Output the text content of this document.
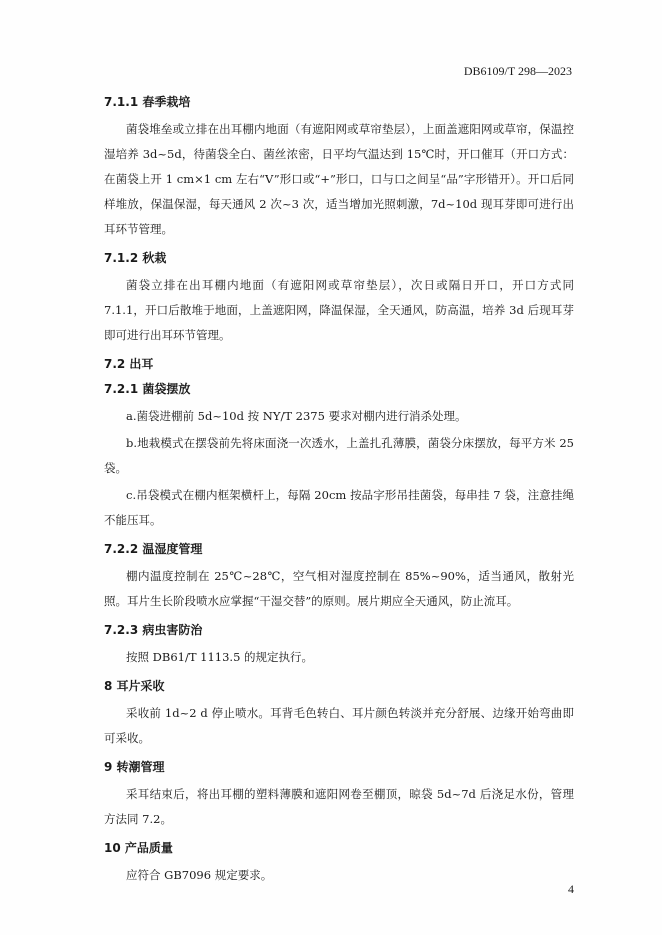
DB6109/T 298—2023
7.1.1 春季栽培

菌袋堆垒或立排在出耳棚内地面（有遮阳网或草帘垫层），上面盖遮阳网或草帘，保温控湿培养 3d~5d，待菌袋全白、菌丝浓密，日平均气温达到 15℃时，开口催耳（开口方式：在菌袋上开 1 cm×1 cm 左右“V”形口或“+”形口，口与口之间呈“品”字形错开）。开口后同样堆放，保温保湿，每天通风 2 次~3 次，适当增加光照刺激，7d~10d 现耳芽即可进行出耳环节管理。

7.1.2 秋栽

菌袋立排在出耳棚内地面（有遮阳网或草帘垫层），次日或隔日开口，开口方式同 7.1.1，开口后散堆于地面，上盖遮阳网，降温保湿，全天通风，防高温，培养 3d 后现耳芽即可进行出耳环节管理。

7.2 出耳
7.2.1 菌袋摆放

a.菌袋进棚前 5d~10d 按 NY/T 2375 要求对棚内进行消杀处理。

b.地栽模式在摆袋前先将床面浇一次透水，上盖扎孔薄膜，菌袋分床摆放，每平方米 25 袋。

c.吊袋模式在棚内框架横杆上，每隔 20cm 按品字形吊挂菌袋，每串挂 7 袋，注意挂绳不能压耳。

7.2.2 温湿度管理

棚内温度控制在 25℃~28℃，空气相对湿度控制在 85%~90%，适当通风，散射光照。耳片生长阶段喷水应掌握“干湿交替”的原则。展片期应全天通风，防止流耳。

7.2.3 病虫害防治

按照 DB61/T 1113.5 的规定执行。

8 耳片采收

采收前 1d~2 d 停止喷水。耳背毛色转白、耳片颜色转淡并充分舒展、边缘开始弯曲即可采收。

9 转潮管理

采耳结束后，将出耳棚的塑料薄膜和遮阳网卷至棚顶，晾袋 5d~7d 后浇足水份，管理方法同 7.2。

10 产品质量

应符合 GB7096 规定要求。

4
